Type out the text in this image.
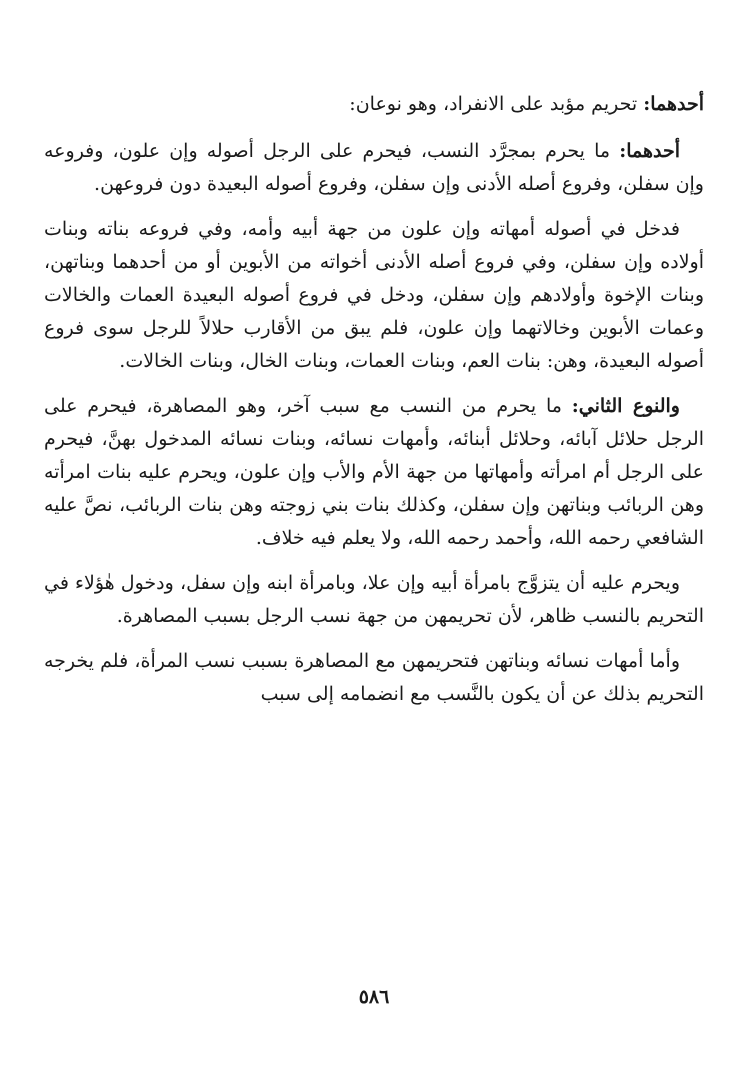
أحدهما: تحريم مؤبد على الانفراد، وهو نوعان:

أحدهما: ما يحرم بمجرَّد النسب، فيحرم على الرجل أصوله وإن علون، وفروعه وإن سفلن، وفروع أصله الأدنى وإن سفلن، وفروع أصوله البعيدة دون فروعهن.

فدخل في أصوله أمهاته وإن علون من جهة أبيه وأمه، وفي فروعه بناته وبنات أولاده وإن سفلن، وفي فروع أصله الأدنى أخواته من الأبوين أو من أحدهما وبناتهن، وبنات الإخوة وأولادهم وإن سفلن، ودخل في فروع أصوله البعيدة العمات والخالات وعمات الأبوين وخالاتهما وإن علون، فلم يبق من الأقارب حلالاً للرجل سوى فروع أصوله البعيدة، وهن: بنات العم، وبنات العمات، وبنات الخال، وبنات الخالات.

والنوع الثاني: ما يحرم من النسب مع سبب آخر، وهو المصاهرة، فيحرم على الرجل حلائل آبائه، وحلائل أبنائه، وأمهات نسائه، وبنات نسائه المدخول بهنَّ، فيحرم على الرجل أم امرأته وأمهاتها من جهة الأم والأب وإن علون، ويحرم عليه بنات امرأته وهن الربائب وبناتهن وإن سفلن، وكذلك بنات بني زوجته وهن بنات الربائب، نصَّ عليه الشافعي رحمه الله، وأحمد رحمه الله، ولا يعلم فيه خلاف.

ويحرم عليه أن يتزوَّج بامرأة أبيه وإن علا، وبامرأة ابنه وإن سفل، ودخول هٰؤلاء في التحريم بالنسب ظاهر، لأن تحريمهن من جهة نسب الرجل بسبب المصاهرة.

وأما أمهات نسائه وبناتهن فتحريمهن مع المصاهرة بسبب نسب المرأة، فلم يخرجه التحريم بذلك عن أن يكون بالنَّسب مع انضمامه إلى سبب

٥٨٦
